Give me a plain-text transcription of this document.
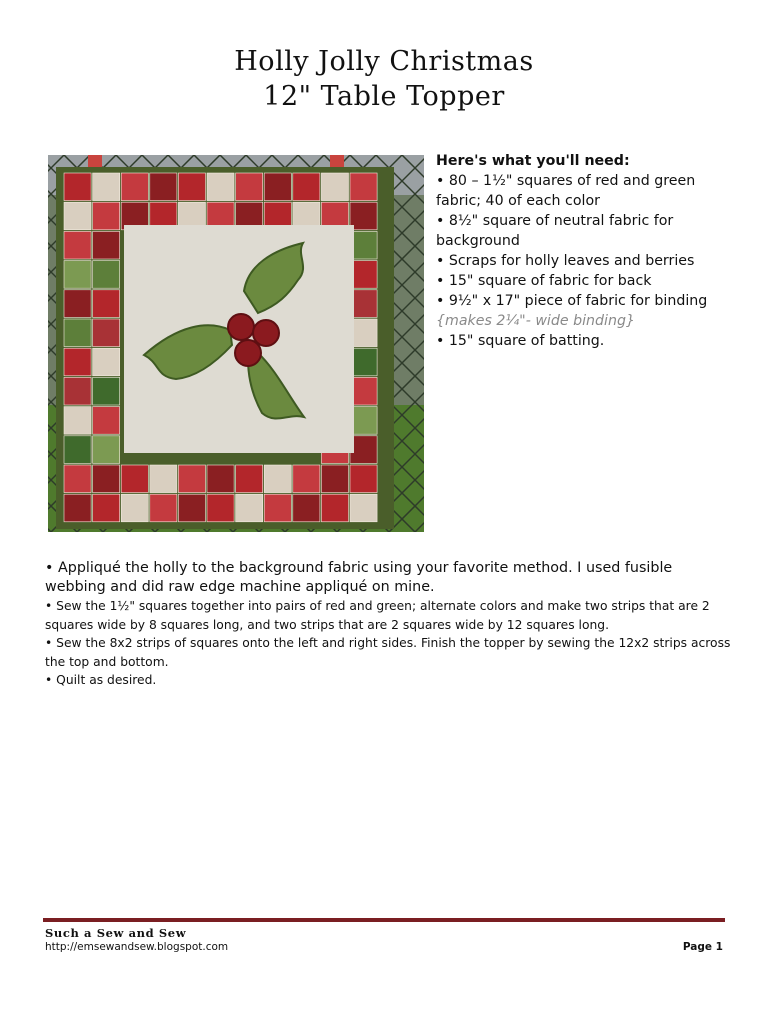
Holly Jolly Christmas
12" Table Topper
Here's what you'll need:
• 80 – 1½" squares of red and green fabric; 40 of each color
• 8½" square of neutral fabric for background
• Scraps for holly leaves and berries
• 15" square of fabric for back
• 9½" x 17" piece of fabric for binding
{makes 2¼"- wide binding}
• 15" square of batting.
• Appliqué the holly to the background fabric using your favorite method. I used fusible webbing and did raw edge machine appliqué on mine.
• Sew the 1½" squares together into pairs of red and green; alternate colors and make two strips that are 2 squares wide by 8 squares long, and two strips that are 2 squares wide by 12 squares long.
• Sew the 8x2 strips of squares onto the left and right sides. Finish the topper by sewing the 12x2 strips across the top and bottom.
• Quilt as desired.
Such a Sew and Sew
http://emsewandsew.blogspot.com	Page 1
